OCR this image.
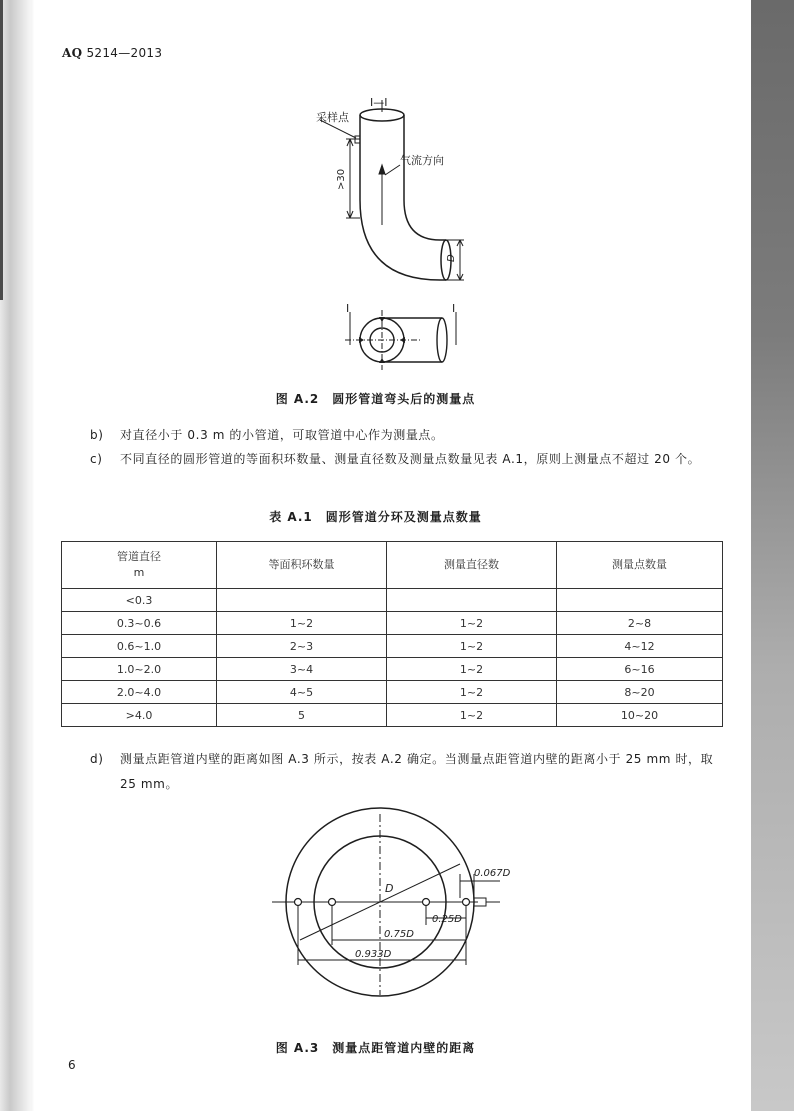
AQ 5214—2013
I—I
采样点
气流方向
>30
D
I	I
图 A.2　圆形管道弯头后的测量点
b) 对直径小于 0.3 m 的小管道，可取管道中心作为测量点。
c) 不同直径的圆形管道的等面积环数量、测量直径数及测量点数量见表 A.1，原则上测量点不超过 20 个。
表 A.1　圆形管道分环及测量点数量
管道直径
m	等面积环数量	测量直径数	测量点数量
<0.3			
0.3~0.6	1~2	1~2	2~8
0.6~1.0	2~3	1~2	4~12
1.0~2.0	3~4	1~2	6~16
2.0~4.0	4~5	1~2	8~20
>4.0	5	1~2	10~20
d) 测量点距管道内壁的距离如图 A.3 所示，按表 A.2 确定。当测量点距管道内壁的距离小于 25 mm 时，取 25 mm。
D
0.067D
0.25D
0.75D
0.933D
图 A.3　测量点距管道内壁的距离
6
